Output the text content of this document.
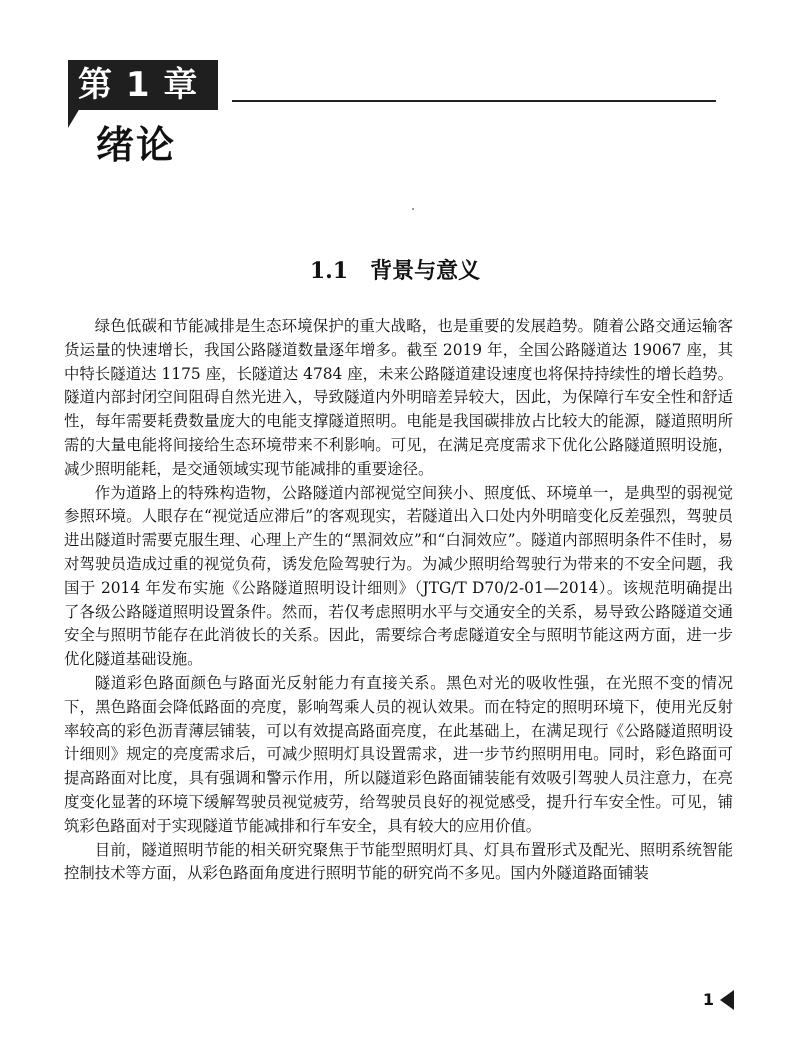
第 1 章
绪论
1.1 背景与意义

绿色低碳和节能减排是生态环境保护的重大战略，也是重要的发展趋势。随着公路交通运输客货运量的快速增长，我国公路隧道数量逐年增多。截至 2019 年，全国公路隧道达 19067 座，其中特长隧道达 1175 座，长隧道达 4784 座，未来公路隧道建设速度也将保持持续性的增长趋势。隧道内部封闭空间阻碍自然光进入，导致隧道内外明暗差异较大，因此，为保障行车安全性和舒适性，每年需要耗费数量庞大的电能支撑隧道照明。电能是我国碳排放占比较大的能源，隧道照明所需的大量电能将间接给生态环境带来不利影响。可见，在满足亮度需求下优化公路隧道照明设施，减少照明能耗，是交通领域实现节能减排的重要途径。

作为道路上的特殊构造物，公路隧道内部视觉空间狭小、照度低、环境单一，是典型的弱视觉参照环境。人眼存在“视觉适应滞后”的客观现实，若隧道出入口处内外明暗变化反差强烈，驾驶员进出隧道时需要克服生理、心理上产生的“黑洞效应”和“白洞效应”。隧道内部照明条件不佳时，易对驾驶员造成过重的视觉负荷，诱发危险驾驶行为。为减少照明给驾驶行为带来的不安全问题，我国于 2014 年发布实施《公路隧道照明设计细则》（JTG/T D70/2-01—2014）。该规范明确提出了各级公路隧道照明设置条件。然而，若仅考虑照明水平与交通安全的关系，易导致公路隧道交通安全与照明节能存在此消彼长的关系。因此，需要综合考虑隧道安全与照明节能这两方面，进一步优化隧道基础设施。

隧道彩色路面颜色与路面光反射能力有直接关系。黑色对光的吸收性强，在光照不变的情况下，黑色路面会降低路面的亮度，影响驾乘人员的视认效果。而在特定的照明环境下，使用光反射率较高的彩色沥青薄层铺装，可以有效提高路面亮度，在此基础上，在满足现行《公路隧道照明设计细则》规定的亮度需求后，可减少照明灯具设置需求，进一步节约照明用电。同时，彩色路面可提高路面对比度，具有强调和警示作用，所以隧道彩色路面铺装能有效吸引驾驶人员注意力，在亮度变化显著的环境下缓解驾驶员视觉疲劳，给驾驶员良好的视觉感受，提升行车安全性。可见，铺筑彩色路面对于实现隧道节能减排和行车安全，具有较大的应用价值。

目前，隧道照明节能的相关研究聚焦于节能型照明灯具、灯具布置形式及配光、照明系统智能控制技术等方面，从彩色路面角度进行照明节能的研究尚不多见。国内外隧道路面铺装

1
